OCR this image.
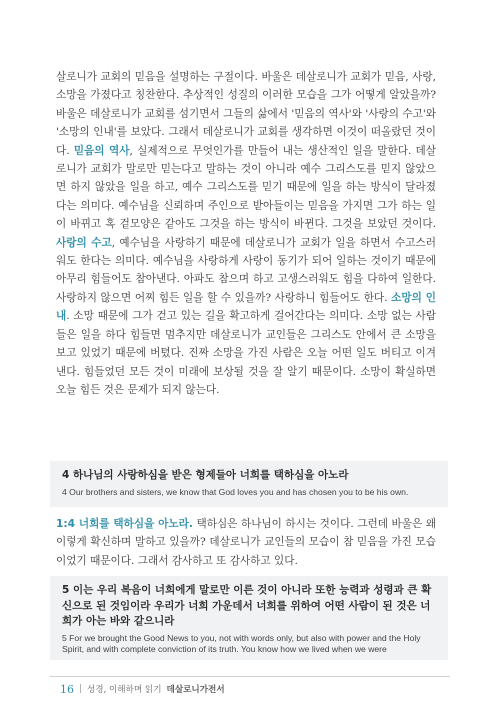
살로니가 교회의 믿음을 설명하는 구절이다. 바울은 데살로니가 교회가 믿음, 사랑, 소망을 가졌다고 칭찬한다. 추상적인 성질의 이러한 모습을 그가 어떻게 알았을까? 바울은 데살로니가 교회를 섬기면서 그들의 삶에서 '믿음의 역사'와 '사랑의 수고'와 '소망의 인내'를 보았다. 그래서 데살로니가 교회를 생각하면 이것이 떠올랐던 것이다. 믿음의 역사, 실제적으로 무엇인가를 만들어 내는 생산적인 일을 말한다. 데살로니가 교회가 말로만 믿는다고 말하는 것이 아니라 예수 그리스도를 믿지 않았으면 하지 않았을 일을 하고, 예수 그리스도를 믿기 때문에 일을 하는 방식이 달라졌다는 의미다. 예수님을 신뢰하며 주인으로 받아들이는 믿음을 가지면 그가 하는 일이 바뀌고 혹 겉모양은 같아도 그것을 하는 방식이 바뀐다. 그것을 보았던 것이다. 사랑의 수고, 예수님을 사랑하기 때문에 데살로니가 교회가 일을 하면서 수고스러워도 한다는 의미다. 예수님을 사랑하게 사랑이 동기가 되어 일하는 것이기 때문에 아무리 힘들어도 참아낸다. 아파도 참으며 하고 고생스러워도 힘을 다하여 일한다. 사랑하지 않으면 어찌 힘든 일을 할 수 있을까? 사랑하니 힘들어도 한다. 소망의 인내. 소망 때문에 그가 걷고 있는 길을 확고하게 걸어간다는 의미다. 소망 없는 사람들은 일을 하다 힘들면 멈추지만 데살로니가 교인들은 그리스도 안에서 큰 소망을 보고 있었기 때문에 버텼다. 진짜 소망을 가진 사람은 오늘 어떤 일도 버티고 이겨낸다. 힘들었던 모든 것이 미래에 보상될 것을 잘 알기 때문이다. 소망이 확실하면 오늘 힘든 것은 문제가 되지 않는다.

4 하나님의 사랑하심을 받은 형제들아 너희를 택하심을 아노라

4 Our brothers and sisters, we know that God loves you and has chosen you to be his own.

1:4 너희를 택하심을 아노라. 택하심은 하나님이 하시는 것이다. 그런데 바울은 왜 이렇게 확신하며 말하고 있을까? 데살로니가 교인들의 모습이 참 믿음을 가진 모습이었기 때문이다. 그래서 감사하고 또 감사하고 있다.

5 이는 우리 복음이 너희에게 말로만 이른 것이 아니라 또한 능력과 성령과 큰 확신으로 된 것임이라 우리가 너희 가운데서 너희를 위하여 어떤 사람이 된 것은 너희가 아는 바와 같으니라

5 For we brought the Good News to you, not with words only, but also with power and the Holy Spirit, and with complete conviction of its truth. You know how we lived when we were

16 | 성경, 이해하며 읽기 데살로니가전서
